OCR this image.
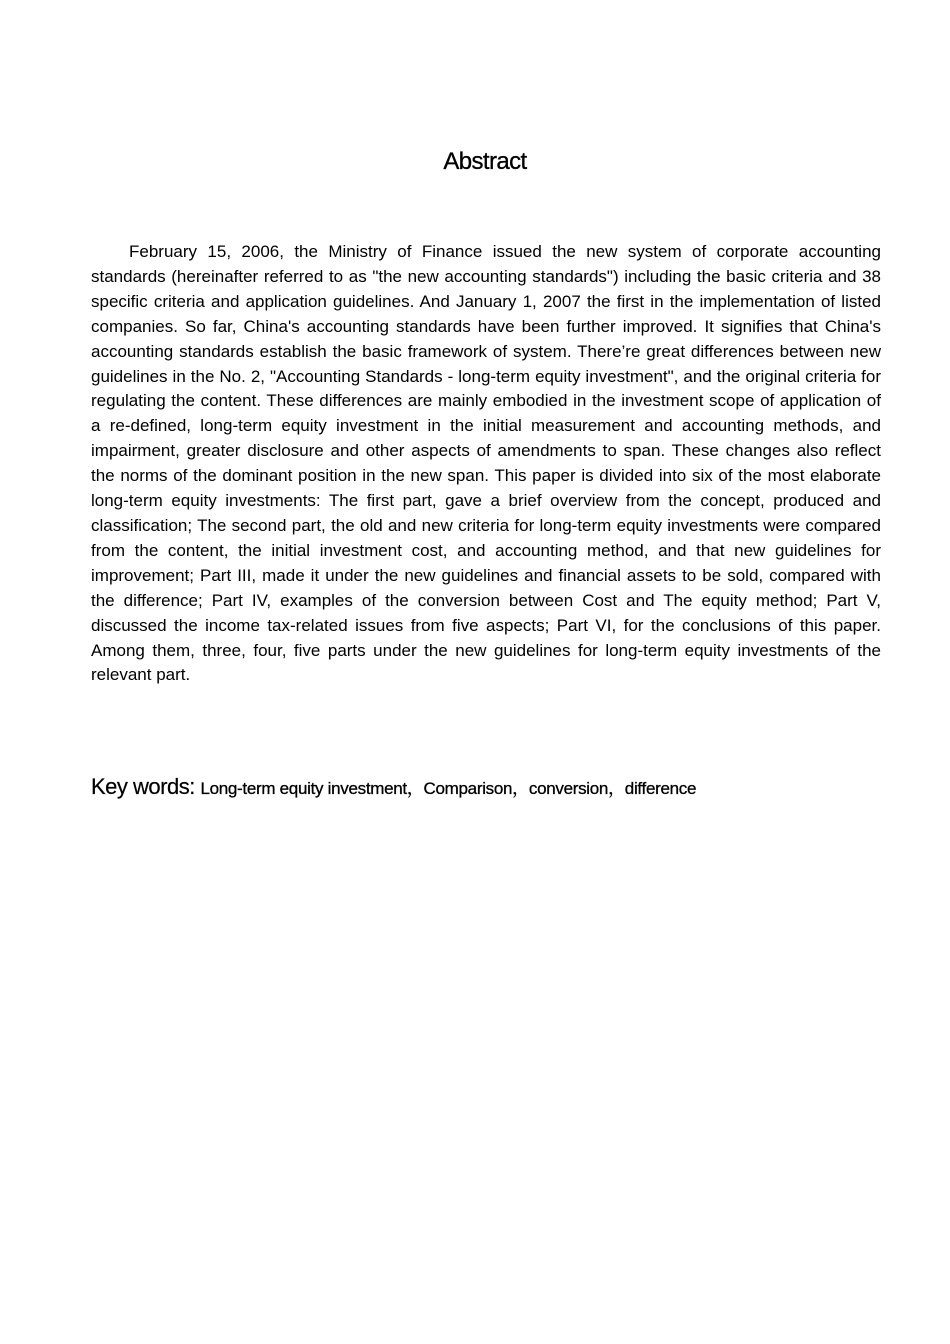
Abstract

February 15, 2006, the Ministry of Finance issued the new system of corporate accounting standards (hereinafter referred to as "the new accounting standards") including the basic criteria and 38 specific criteria and application guidelines. And January 1, 2007 the first in the implementation of listed companies. So far, China's accounting standards have been further improved. It signifies that China's accounting standards establish the basic framework of system. There’re great differences between new guidelines in the No. 2, "Accounting Standards - long-term equity investment", and the original criteria for regulating the content. These differences are mainly embodied in the investment scope of application of a re-defined, long-term equity investment in the initial measurement and accounting methods, and impairment, greater disclosure and other aspects of amendments to span. These changes also reflect the norms of the dominant position in the new span. This paper is divided into six of the most elaborate long-term equity investments: The first part, gave a brief overview from the concept, produced and classification; The second part, the old and new criteria for long-term equity investments were compared from the content, the initial investment cost, and accounting method, and that new guidelines for improvement; Part III, made it under the new guidelines and financial assets to be sold, compared with the difference; Part IV, examples of the conversion between Cost and The equity method; Part V, discussed the income tax-related issues from five aspects; Part VI, for the conclusions of this paper. Among them, three, four, five parts under the new guidelines for long-term equity investments of the relevant part.

Key words: Long-term equity investment，Comparison，conversion，difference
